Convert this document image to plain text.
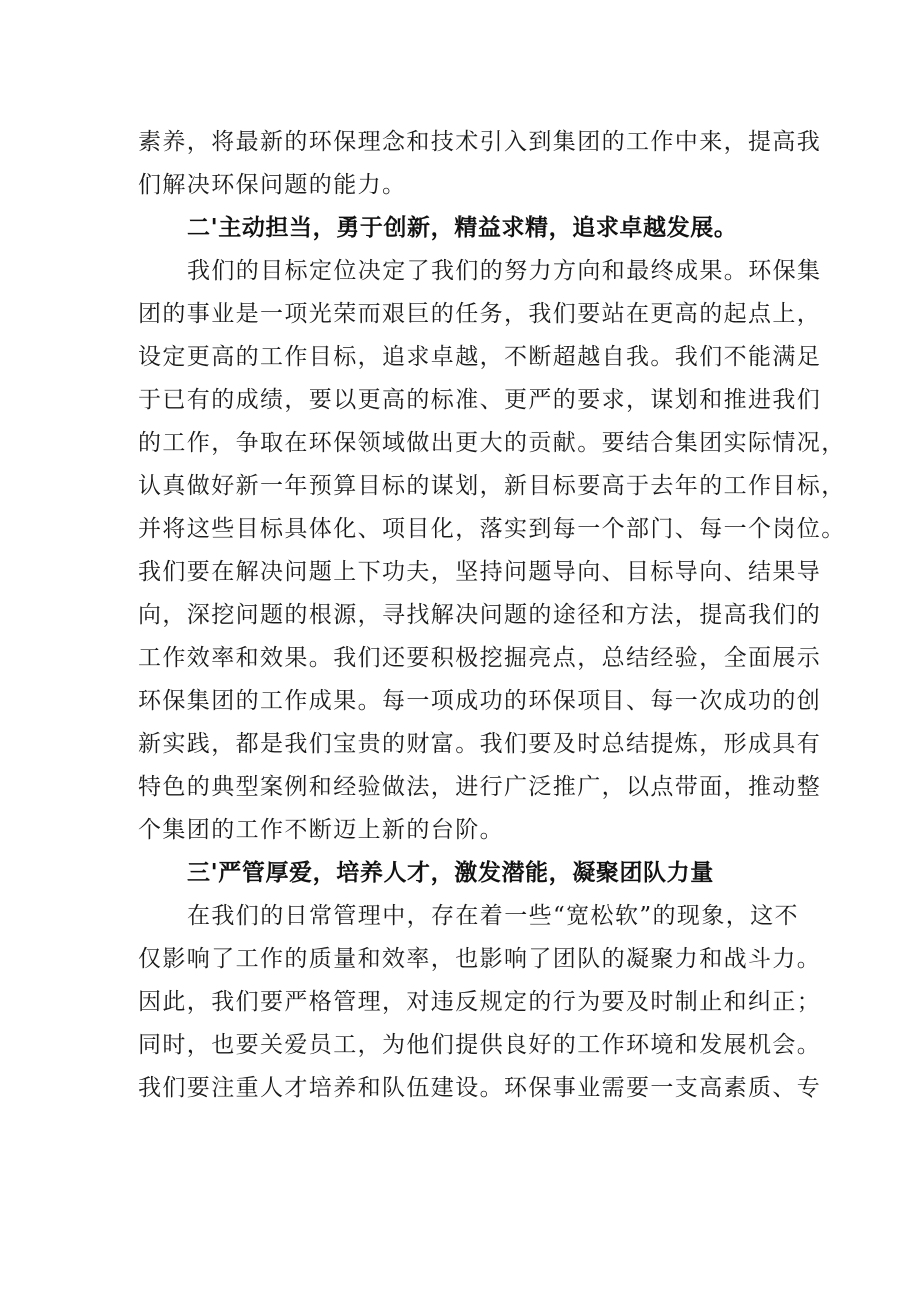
素养，将最新的环保理念和技术引入到集团的工作中来，提高我
们解决环保问题的能力。
二'主动担当，勇于创新，精益求精，追求卓越发展。
我们的目标定位决定了我们的努力方向和最终成果。环保集
团的事业是一项光荣而艰巨的任务，我们要站在更高的起点上，
设定更高的工作目标，追求卓越，不断超越自我。我们不能满足
于已有的成绩，要以更高的标准、更严的要求，谋划和推进我们
的工作，争取在环保领域做出更大的贡献。要结合集团实际情况，
认真做好新一年预算目标的谋划，新目标要高于去年的工作目标，
并将这些目标具体化、项目化，落实到每一个部门、每一个岗位。
我们要在解决问题上下功夫，坚持问题导向、目标导向、结果导
向，深挖问题的根源，寻找解决问题的途径和方法，提高我们的
工作效率和效果。我们还要积极挖掘亮点，总结经验，全面展示
环保集团的工作成果。每一项成功的环保项目、每一次成功的创
新实践，都是我们宝贵的财富。我们要及时总结提炼，形成具有
特色的典型案例和经验做法，进行广泛推广，以点带面，推动整
个集团的工作不断迈上新的台阶。
三'严管厚爱，培养人才，激发潜能，凝聚团队力量
在我们的日常管理中，存在着一些“宽松软”的现象，这不
仅影响了工作的质量和效率，也影响了团队的凝聚力和战斗力。
因此，我们要严格管理，对违反规定的行为要及时制止和纠正；
同时，也要关爱员工，为他们提供良好的工作环境和发展机会。
我们要注重人才培养和队伍建设。环保事业需要一支高素质、专
